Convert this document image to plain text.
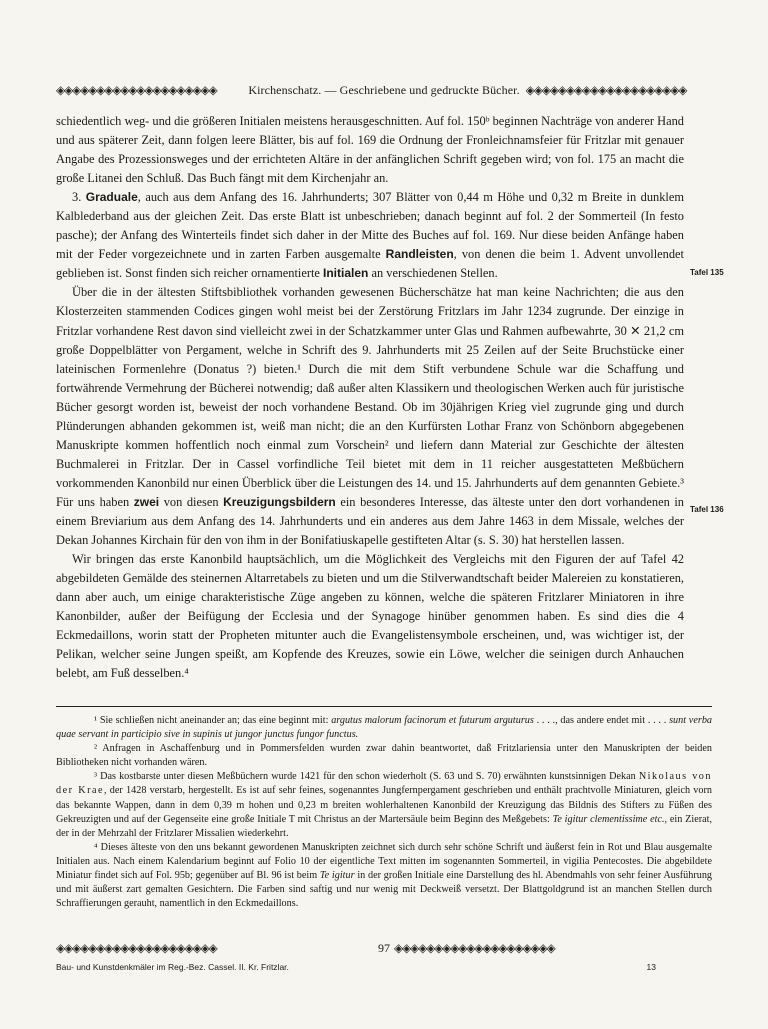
◈◈◈◈◈◈◈◈◈◈◈◈◈◈◈◈◈◈◈◈	Kirchenschatz. — Geschriebene und gedruckte Bücher. ◈◈◈◈◈◈◈◈◈◈◈◈◈◈◈◈◈◈◈◈

schiedentlich weg- und die größeren Initialen meistens herausgeschnitten. Auf fol. 150ᵇ beginnen Nachträge von anderer Hand und aus späterer Zeit, dann folgen leere Blätter, bis auf fol. 169 die Ordnung der Fronleichnamsfeier für Fritzlar mit genauer Angabe des Prozessionsweges und der errichteten Altäre in der anfänglichen Schrift gegeben wird; von fol. 175 an macht die große Litanei den Schluß. Das Buch fängt mit dem Kirchenjahr an.

3. Graduale, auch aus dem Anfang des 16. Jahrhunderts; 307 Blätter von 0,44 m Höhe und 0,32 m Breite in dunklem Kalblederband aus der gleichen Zeit. Das erste Blatt ist unbeschrieben; danach beginnt auf fol. 2 der Sommerteil (In festo pasche); der Anfang des Winterteils findet sich daher in der Mitte des Buches auf fol. 169. Nur diese beiden Anfänge haben mit der Feder vorgezeichnete und in zarten Farben ausgemalte Randleisten, von denen die beim 1. Advent unvollendet geblieben ist. Sonst finden sich reicher ornamentierte Initialen an verschiedenen Stellen.

Über die in der ältesten Stiftsbibliothek vorhanden gewesenen Bücherschätze hat man keine Nachrichten; die aus den Klosterzeiten stammenden Codices gingen wohl meist bei der Zerstörung Fritzlars im Jahr 1234 zugrunde. Der einzige in Fritzlar vorhandene Rest davon sind vielleicht zwei in der Schatzkammer unter Glas und Rahmen aufbewahrte, 30 ✕ 21,2 cm große Doppelblätter von Pergament, welche in Schrift des 9. Jahrhunderts mit 25 Zeilen auf der Seite Bruchstücke einer lateinischen Formenlehre (Donatus ?) bieten.¹ Durch die mit dem Stift verbundene Schule war die Schaffung und fortwährende Vermehrung der Bücherei notwendig; daß außer alten Klassikern und theologischen Werken auch für juristische Bücher gesorgt worden ist, beweist der noch vorhandene Bestand. Ob im 30jährigen Krieg viel zugrunde ging und durch Plünderungen abhanden gekommen ist, weiß man nicht; die an den Kurfürsten Lothar Franz von Schönborn abgegebenen Manuskripte kommen hoffentlich noch einmal zum Vorschein² und liefern dann Material zur Geschichte der ältesten Buchmalerei in Fritzlar. Der in Cassel vorfindliche Teil bietet mit dem in 11 reicher ausgestatteten Meßbüchern vorkommenden Kanonbild nur einen Überblick über die Leistungen des 14. und 15. Jahrhunderts auf dem genannten Gebiete.³ Für uns haben zwei von diesen Kreuzigungsbildern ein besonderes Interesse, das älteste unter den dort vorhandenen in einem Breviarium aus dem Anfang des 14. Jahrhunderts und ein anderes aus dem Jahre 1463 in dem Missale, welches der Dekan Johannes Kirchain für den von ihm in der Bonifatiuskapelle gestifteten Altar (s. S. 30) hat herstellen lassen.

Wir bringen das erste Kanonbild hauptsächlich, um die Möglichkeit des Vergleichs mit den Figuren der auf Tafel 42 abgebildeten Gemälde des steinernen Altarretabels zu bieten und um die Stilverwandtschaft beider Malereien zu konstatieren, dann aber auch, um einige charakteristische Züge angeben zu können, welche die späteren Fritzlarer Miniatoren in ihre Kanonbilder, außer der Beifügung der Ecclesia und der Synagoge hinüber genommen haben. Es sind dies die 4 Eckmedaillons, worin statt der Propheten mitunter auch die Evangelistensymbole erscheinen, und, was wichtiger ist, der Pelikan, welcher seine Jungen speißt, am Kopfende des Kreuzes, sowie ein Löwe, welcher die seinigen durch Anhauchen belebt, am Fuß desselben.⁴

Tafel 135
Tafel 136

¹ Sie schließen nicht aneinander an; das eine beginnt mit: argutus malorum facinorum et futurum arguturus . . . ., das andere endet mit . . . . sunt verba quae servant in participio sive in supinis ut jungor junctus fungor functus.

² Anfragen in Aschaffenburg und in Pommersfelden wurden zwar dahin beantwortet, daß Fritzlariensia unter den Manuskripten der beiden Bibliotheken nicht vorhanden wären.

³ Das kostbarste unter diesen Meßbüchern wurde 1421 für den schon wiederholt (S. 63 und S. 70) erwähnten kunstsinnigen Dekan Nikolaus von der Krae, der 1428 verstarb, hergestellt. Es ist auf sehr feines, sogenanntes Jungfernpergament geschrieben und enthält prachtvolle Miniaturen, gleich vorn das bekannte Wappen, dann in dem 0,39 m hohen und 0,23 m breiten wohlerhaltenen Kanonbild der Kreuzigung das Bildnis des Stifters zu Füßen des Gekreuzigten und auf der Gegenseite eine große Initiale T mit Christus an der Martersäule beim Beginn des Meßgebets: Te igitur clementissime etc., ein Zierat, der in der Mehrzahl der Fritzlarer Missalien wiederkehrt.

⁴ Dieses älteste von den uns bekannt gewordenen Manuskripten zeichnet sich durch sehr schöne Schrift und äußerst fein in Rot und Blau ausgemalte Initialen aus. Nach einem Kalendarium beginnt auf Folio 10 der eigentliche Text mitten im sogenannten Sommerteil, in vigilia Pentecostes. Die abgebildete Miniatur findet sich auf Fol. 95b; gegenüber auf Bl. 96 ist beim Te igitur in der großen Initiale eine Darstellung des hl. Abendmahls von sehr feiner Ausführung und mit äußerst zart gemalten Gesichtern. Die Farben sind saftig und nur wenig mit Deckweiß versetzt. Der Blattgoldgrund ist an manchen Stellen durch Schraffierungen gerauht, namentlich in den Eckmedaillons.

◈◈◈◈◈◈◈◈◈◈◈◈◈◈◈◈◈◈◈◈	97 ◈◈◈◈◈◈◈◈◈◈◈◈◈◈◈◈◈◈◈◈
Bau- und Kunstdenkmäler im Reg.-Bez. Cassel. II. Kr. Fritzlar.	13
